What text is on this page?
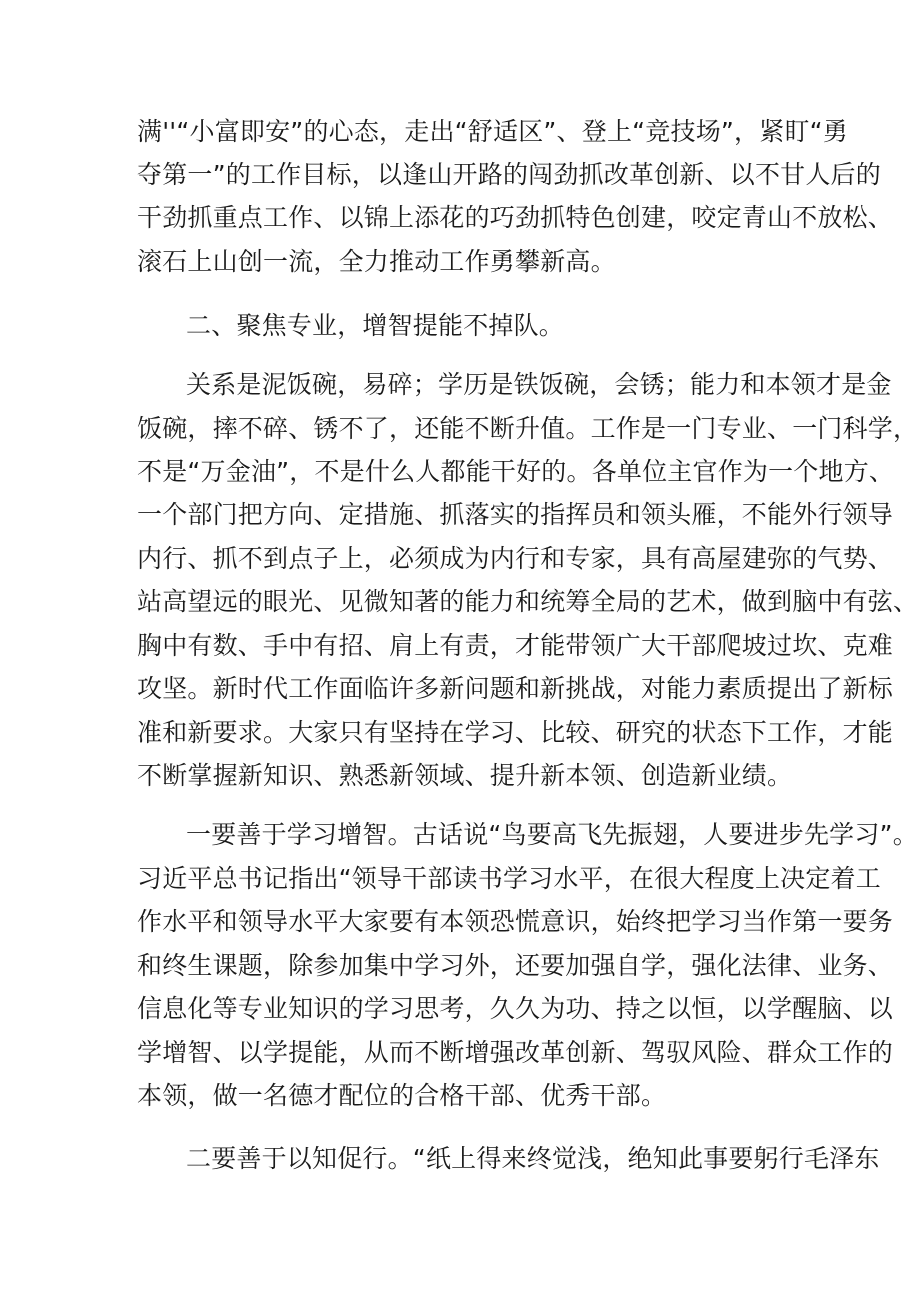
满''“小富即安”的心态，走出“舒适区”、登上“竞技场”，紧盯“勇

夺第一”的工作目标，以逢山开路的闯劲抓改革创新、以不甘人后的

干劲抓重点工作、以锦上添花的巧劲抓特色创建，咬定青山不放松、

滚石上山创一流，全力推动工作勇攀新高。

二、聚焦专业，增智提能不掉队。

关系是泥饭碗，易碎；学历是铁饭碗，会锈；能力和本领才是金

饭碗，摔不碎、锈不了，还能不断升值。工作是一门专业、一门科学，

不是“万金油”，不是什么人都能干好的。各单位主官作为一个地方、

一个部门把方向、定措施、抓落实的指挥员和领头雁，不能外行领导

内行、抓不到点子上，必须成为内行和专家，具有高屋建弥的气势、

站高望远的眼光、见微知著的能力和统筹全局的艺术，做到脑中有弦、

胸中有数、手中有招、肩上有责，才能带领广大干部爬坡过坎、克难

攻坚。新时代工作面临许多新问题和新挑战，对能力素质提出了新标

准和新要求。大家只有坚持在学习、比较、研究的状态下工作，才能

不断掌握新知识、熟悉新领域、提升新本领、创造新业绩。

一要善于学习增智。古话说“鸟要高飞先振翅，人要进步先学习”。

习近平总书记指出“领导干部读书学习水平，在很大程度上决定着工

作水平和领导水平大家要有本领恐慌意识，始终把学习当作第一要务

和终生课题，除参加集中学习外，还要加强自学，强化法律、业务、

信息化等专业知识的学习思考，久久为功、持之以恒，以学醒脑、以

学增智、以学提能，从而不断增强改革创新、驾驭风险、群众工作的

本领，做一名德才配位的合格干部、优秀干部。

二要善于以知促行。“纸上得来终觉浅，绝知此事要躬行毛泽东
